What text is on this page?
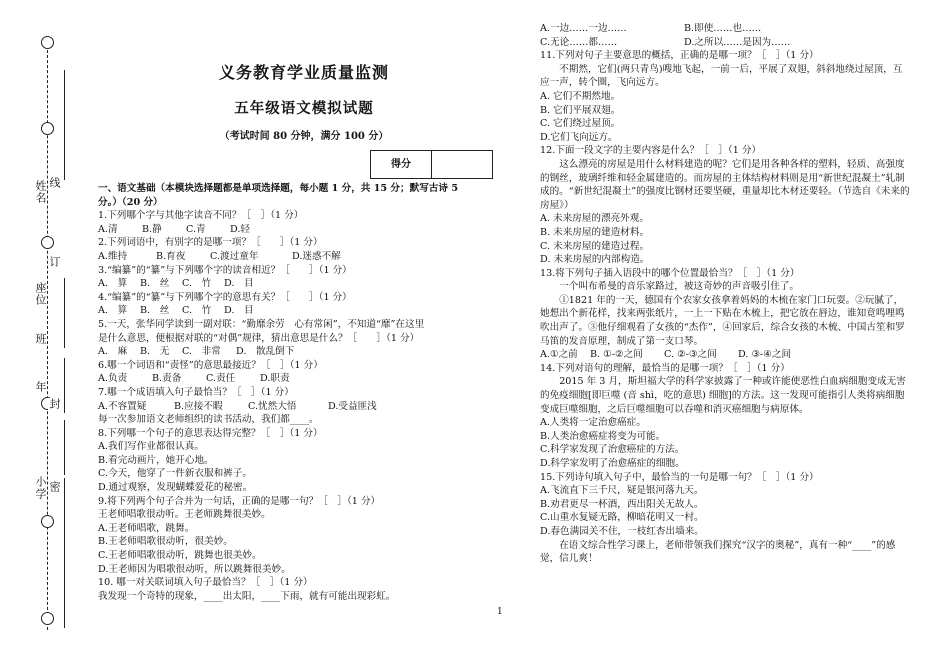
姓名 线
订
座位
班
年
封
小学 密
义务教育学业质量监测
五年级语文模拟试题
（考试时间 80 分钟，满分 100 分）
得分	
一、语文基础（本模块选择题都是单项选择题，每小题 1 分，共 15 分；默写古诗 5
分。）（20 分）
1.下列哪个字与其他字读音不同？［　］（1 分）
A.清	B.静	C.青	D.轻
2.下列词语中，有别字的是哪一项？［　　］（1 分）
A.维持	B.育夜	C.渡过童年	D.迷惑不解
3.“编纂”的“纂”与下列哪个字的读音相近？［　　］（1 分）
A.　算	B.　丝	C.　竹	D.　目
4.“编纂”的“纂”与下列哪个字的意思有关？［　　］（1 分）
A.　算	B.　丝	C.　竹	D.　目
5.一天，张华同学读到一副对联：“勤靡余劳　心有常闲”，不知道“靡”在这里
是什么意思，便根据对联的“对偶”规律，猜出意思是什么？［　　］（1 分）
A.　麻	B.　无	C.　非常	D.　散乱倒下
6.哪一个词语和“责怪”的意思最接近？［　］（1 分）
A.负责	B.责备	C.责任	D.职责
7.哪一个成语填入句子最恰当？［　］（1 分）
A.不容置疑	B.应接不暇	C.忧然大悟	D.受益匪浅
每一次参加语文老师组织的读书活动，我们都____。
8.下列哪一个句子的意思表达得完整？［　］（1 分）
A.我们写作业都很认真。
B.看完动画片，她开心地。
C.今天，他穿了一件新衣服和裤子。
D.通过观察，发现蝴蝶爱花的秘密。
9.将下列两个句子合并为一句话，正确的是哪一句？［　］（1 分）
王老师唱歌很动听。王老师跳舞很美妙。
A.王老师唱歌，跳舞。
B.王老师唱歌很动听，很美妙。
C.王老师唱歌很动听，跳舞也很美妙。
D.王老师因为唱歌很动听，所以跳舞很美妙。
10. 哪一对关联词填入句子最恰当？［　］（1 分）
我发现一个奇特的现象，____出太阳，____下雨，就有可能出现彩虹。
A.一边……一边……	B.即使……也……
C.无论……都……	D.之所以……是因为……
11.下列对句子主要意思的概括，正确的是哪一项？［　］（1 分）
不期然，它们(两只青鸟)嗖地飞起，一前一后，平展了双翅，斜斜地绕过屋顶，互应一声，转个圈，飞向远方。
A. 它们不期然地。
B. 它们平展双翅。
C. 它们绕过屋顶。
D.它们飞向远方。
12.下面一段文字的主要内容是什么？［　］（1 分）
这么漂亮的房屋是用什么材料建造的呢？它们是用各种各样的塑料，轻质、高强度的钢丝，玻璃纤维和轻金属建造的。而房屋的主体结构材料则是用“新世纪混凝土”轧制成的。“新世纪混凝土”的强度比钢材还要坚硬，重量却比木材还要轻。（节选自《未来的房屋》）
A. 未来房屋的漂亮外观。
B. 未来房屋的建造材料。
C. 未来房屋的建造过程。
D. 未来房屋的内部构造。
13.将下列句子插入语段中的哪个位置最恰当？［　］（1 分）
一个叫布希曼的音乐家路过，被这奇妙的声音吸引住了。
①1821 年的一天，德国有个农家女孩拿着妈妈的木梳在家门口玩耍。②玩腻了，她想出个新花样，找来两张纸片，一上一下贴在木梳上，把它放在唇边，谁知竟鸣哩鸣吹出声了。③他仔细观看了女孩的“杰作”，④回家后，综合女孩的木梳、中国古笙和罗马笛的发音原理，制成了第一支口琴。
A.①之前	B. ①-②之间	C. ②-③之间	D. ③-④之间
14.下列对语句的理解，最恰当的是哪一项？［　］（1 分）
2015 年 3 月，斯坦福大学的科学家披露了一种或许能使恶性白血病细胞变成无害的免疫细胞[即巨噬 (音 shì，吃的意思) 细胞]的方法。这一发现可能指引人类将病细胞变成巨噬细胞，之后巨噬细胞可以吞噬和消灭癌细胞与病原体。
A.人类将一定治愈癌症。
B.人类治愈癌症将变为可能。
C.科学家发现了治愈癌症的方法。
D.科学家发明了治愈癌症的细胞。
15.下列诗句填入句子中，最恰当的一句是哪一句？［　］（1 分）
A.飞流直下三千尺，疑是银河落九天。
B.劝君更尽一杯酒，西出阳关无故人。
C.山重水复疑无路，柳暗花明又一村。
D.春色满园关不住，一枝红杏出墙来。
在语文综合性学习课上，老师带领我们探究“汉字的奥秘”，真有一种“____”的感觉，信儿爽！
1
